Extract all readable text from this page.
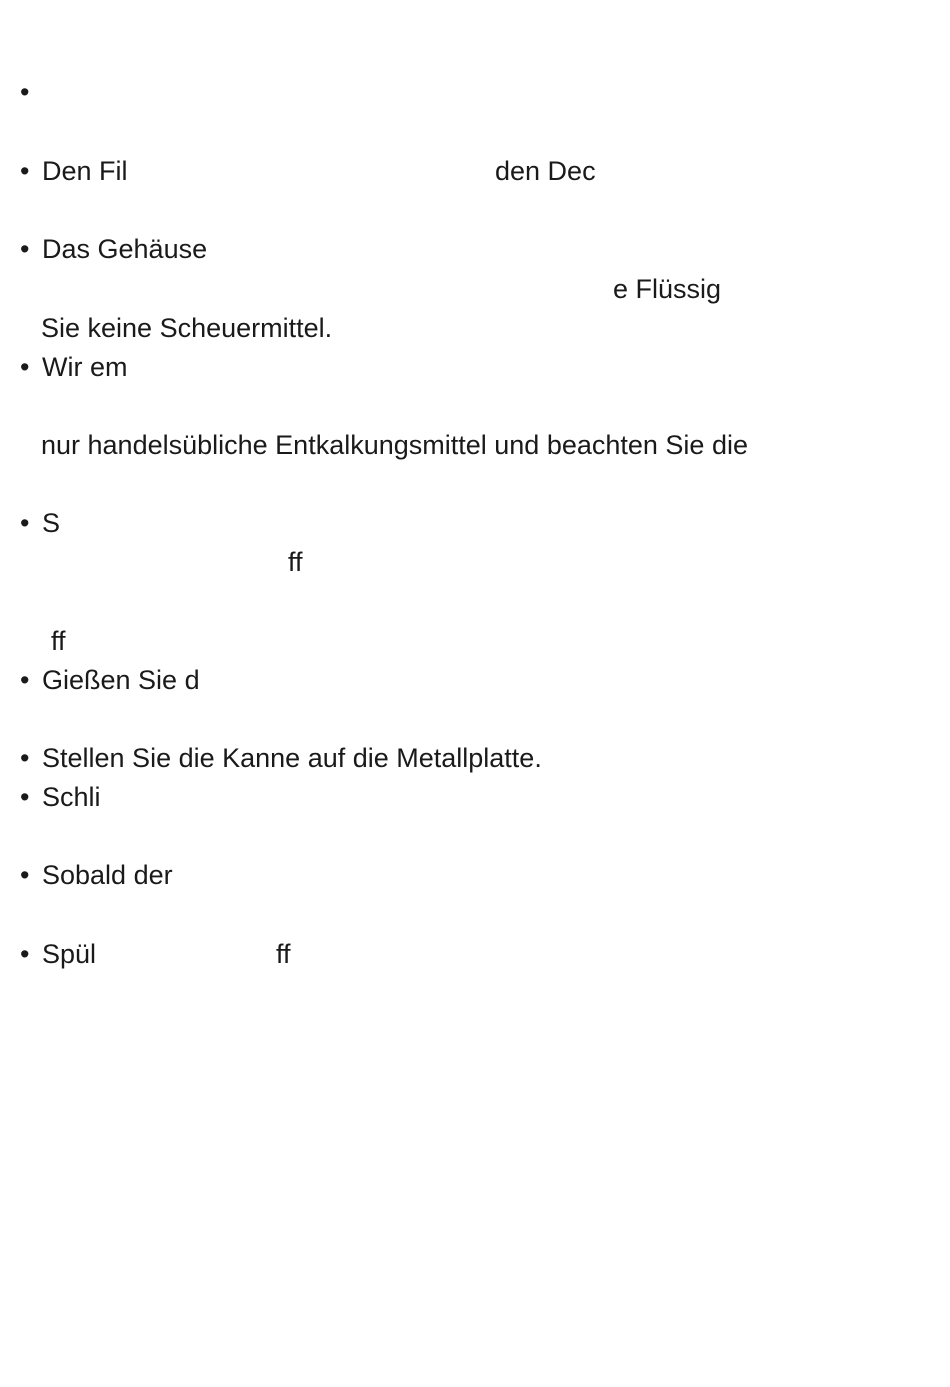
•
• Den Fil	den Dec
• Das Gehäuse
e Flüssig
Sie keine Scheuermittel.
• Wir em
nur handelsübliche Entkalkungsmittel und beachten Sie die
• S
ff
ff
• Gießen Sie d
• Stellen Sie die Kanne auf die Metallplatte.
• Schli
• Sobald der
• Spül	ff
